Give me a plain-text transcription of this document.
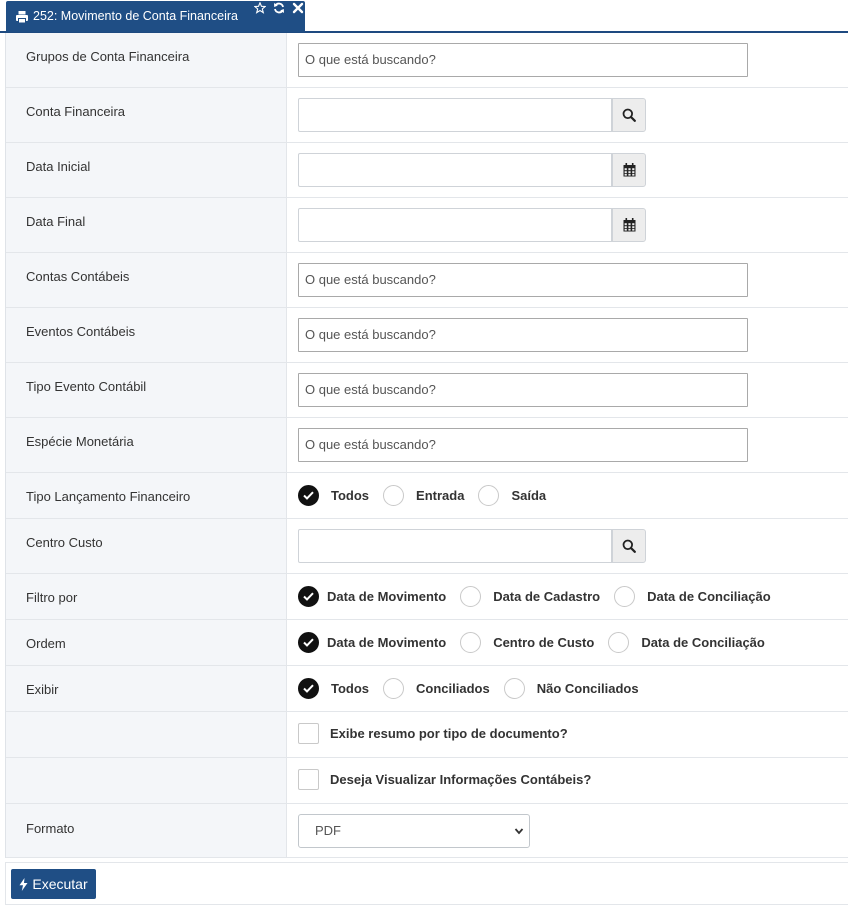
252: Movimento de Conta Financeira
Grupos de Conta Financeira	O que está buscando?
Conta Financeira
Data Inicial
Data Final
Contas Contábeis	O que está buscando?
Eventos Contábeis	O que está buscando?
Tipo Evento Contábil	O que está buscando?
Espécie Monetária	O que está buscando?
Tipo Lançamento Financeiro	Todos	Entrada	Saída
Centro Custo
Filtro por	Data de Movimento	Data de Cadastro	Data de Conciliação
Ordem	Data de Movimento	Centro de Custo	Data de Conciliação
Exibir	Todos	Conciliados	Não Conciliados
Exibe resumo por tipo de documento?
Deseja Visualizar Informações Contábeis?
Formato	PDF
Executar
